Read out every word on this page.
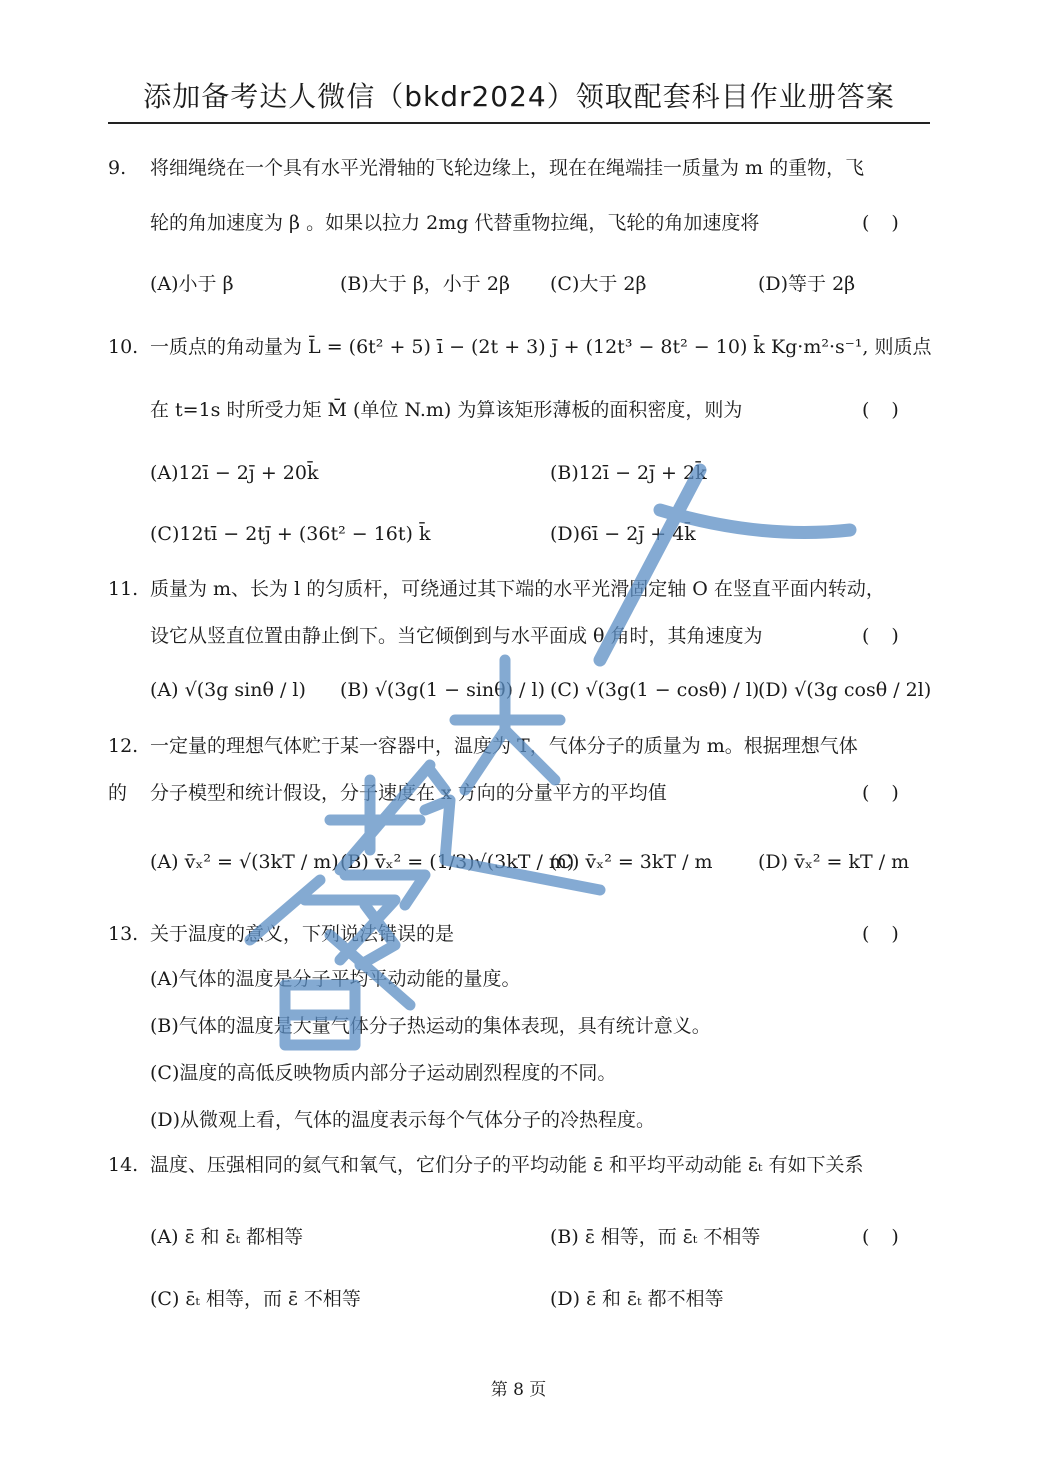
添加备考达人微信（bkdr2024）领取配套科目作业册答案
9. 将细绳绕在一个具有水平光滑轴的飞轮边缘上，现在在绳端挂一质量为 m 的重物，飞
轮的角加速度为 β 。如果以拉力 2mg 代替重物拉绳，飞轮的角加速度将	()
(A)小于 β	(B)大于 β，小于 2β (C)大于 2β	(D)等于 2β
10. 一质点的角动量为 L̄ = (6t² + 5) ī − (2t + 3) j̄ + (12t³ − 8t² − 10) k̄ Kg·m²·s⁻¹, 则质点
在 t=1s 时所受力矩 M̄ (单位 N.m) 为算该矩形薄板的面积密度，则为	()
(A)12ī − 2j̄ + 20k̄	(B)12ī − 2j̄ + 2k̄
(C)12tī − 2tj̄ + (36t² − 16t) k̄	(D)6ī − 2j̄ + 4k̄
11. 质量为 m、长为 l 的匀质杆，可绕通过其下端的水平光滑固定轴 O 在竖直平面内转动，
设它从竖直位置由静止倒下。当它倾倒到与水平面成 θ 角时，其角速度为	()
(A) √(3g sinθ / l) (B) √(3g(1 − sinθ) / l) (C) √(3g(1 − cosθ) / l)
(D) √(3g cosθ / 2l)
12. 一定量的理想气体贮于某一容器中，温度为 T，气体分子的质量为 m。根据理想气体
的 分子模型和统计假设，分子速度在 x 方向的分量平方的平均值	()
(A) v̄ₓ² = √(3kT / m) (B) v̄ₓ² = (1/3)√(3kT / m)
(C) v̄ₓ² = 3kT / m (D) v̄ₓ² = kT / m
13. 关于温度的意义，下列说法错误的是	()
(A)气体的温度是分子平均平动动能的量度。
(B)气体的温度是大量气体分子热运动的集体表现，具有统计意义。
(C)温度的高低反映物质内部分子运动剧烈程度的不同。
(D)从微观上看，气体的温度表示每个气体分子的冷热程度。
14. 温度、压强相同的氦气和氧气，它们分子的平均动能 ε̄ 和平均平动动能 ε̄ₜ 有如下关系
()
(A) ε̄ 和 ε̄ₜ 都相等	(B) ε̄ 相等，而 ε̄ₜ 不相等
(C) ε̄ₜ 相等，而 ε̄ 不相等	(D) ε̄ 和 ε̄ₜ 都不相等
第 8 页
